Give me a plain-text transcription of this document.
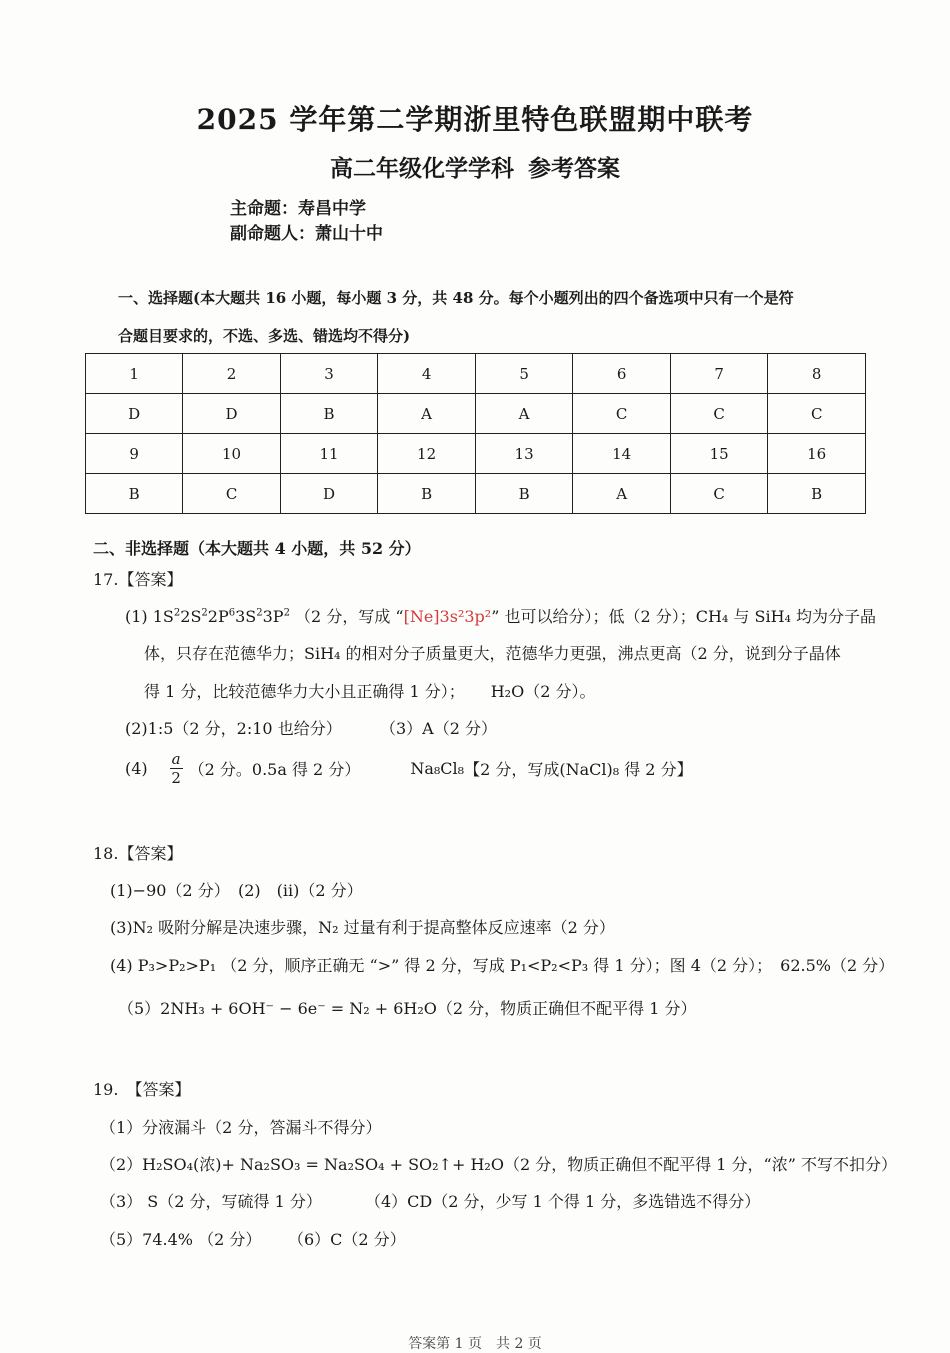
2025 学年第二学期浙里特色联盟期中联考
高二年级化学学科 参考答案
主命题：寿昌中学
副命题人：萧山十中
一、选择题(本大题共 16 小题，每小题 3 分，共 48 分。每个小题列出的四个备选项中只有一个是符
合题目要求的，不选、多选、错选均不得分)
1	2	3	4	5	6	7	8
D	D	B	A	A	C	C	C
9	10	11	12	13	14	15	16
B	C	D	B	B	A	C	B
二、非选择题（本大题共 4 小题，共 52 分）
17.【答案】
(1) $1S^22S^22P^63S^23P^2$ （2 分，写成 “[Ne]3s²3p²” 也可以给分）；低（2 分）；CH₄ 与 SiH₄ 均为分子晶
体，只存在范德华力；SiH₄ 的相对分子质量更大，范德华力更强，沸点更高（2 分，说到分子晶体
得 1 分，比较范德华力大小且正确得 1 分）； H₂O（2 分）。
(2)1:5（2 分，2:10 也给分） （3）A（2 分）
$(4) \frac{a}{2} (2$ 分。0.5a 得 2 分）	Na₈Cl₈【2 分，写成(NaCl)₈ 得 2 分】
18.【答案】
(1)−90（2 分） (2)　(ii)（2 分）
(3)N₂ 吸附分解是决速步骤，N₂ 过量有利于提高整体反应速率（2 分）
(4) P₃>P₂>P₁ （2 分，顺序正确无 “>” 得 2 分，写成 P₁<P₂<P₃ 得 1 分）；图 4（2 分）；　62.5%（2 分）
（5）2NH₃ + 6OH⁻ − 6e⁻ = N₂ + 6H₂O（2 分，物质正确但不配平得 1 分）
19.　【答案】
（1）分液漏斗（2 分，答漏斗不得分）
（2）H₂SO₄(浓)+ Na₂SO₃ = Na₂SO₄ + SO₂↑+ H₂O（2 分，物质正确但不配平得 1 分，“浓” 不写不扣分）
（3） S（2 分，写硫得 1 分）	（4）CD（2 分，少写 1 个得 1 分，多选错选不得分）
（5）74.4% （2 分） （6）C（2 分）
答案第 1 页　共 2 页
